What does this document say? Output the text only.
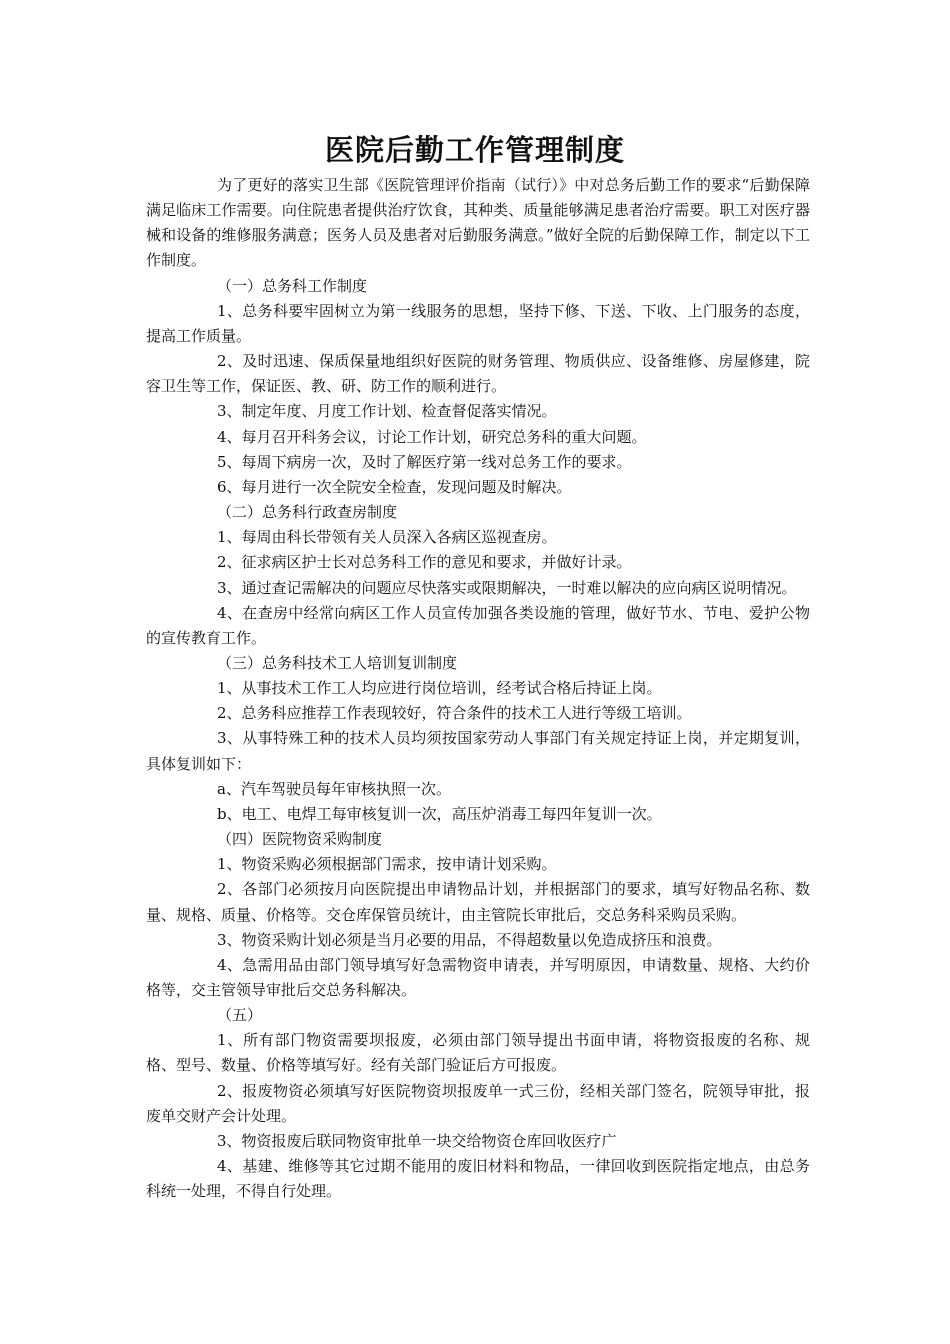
医院后勤工作管理制度

为了更好的落实卫生部《医院管理评价指南（试行）》中对总务后勤工作的要求“后勤保障满足临床工作需要。向住院患者提供治疗饮食，其种类、质量能够满足患者治疗需要。职工对医疗器械和设备的维修服务满意；医务人员及患者对后勤服务满意。”做好全院的后勤保障工作，制定以下工作制度。

（一）总务科工作制度

1、总务科要牢固树立为第一线服务的思想，坚持下修、下送、下收、上门服务的态度，提高工作质量。

2、及时迅速、保质保量地组织好医院的财务管理、物质供应、设备维修、房屋修建，院容卫生等工作，保证医、教、研、防工作的顺利进行。

3、制定年度、月度工作计划、检查督促落实情况。

4、每月召开科务会议，讨论工作计划，研究总务科的重大问题。

5、每周下病房一次，及时了解医疗第一线对总务工作的要求。

6、每月进行一次全院安全检查，发现问题及时解决。

（二）总务科行政查房制度

1、每周由科长带领有关人员深入各病区巡视查房。

2、征求病区护士长对总务科工作的意见和要求，并做好计录。

3、通过查记需解决的问题应尽快落实或限期解决，一时难以解决的应向病区说明情况。

4、在查房中经常向病区工作人员宣传加强各类设施的管理，做好节水、节电、爱护公物的宣传教育工作。

（三）总务科技术工人培训复训制度

1、从事技术工作工人均应进行岗位培训，经考试合格后持证上岗。

2、总务科应推荐工作表现较好，符合条件的技术工人进行等级工培训。

3、从事特殊工种的技术人员均须按国家劳动人事部门有关规定持证上岗，并定期复训，具体复训如下：

a、汽车驾驶员每年审核执照一次。

b、电工、电焊工每审核复训一次，高压炉消毒工每四年复训一次。

（四）医院物资采购制度

1、物资采购必须根据部门需求，按申请计划采购。

2、各部门必须按月向医院提出申请物品计划，并根据部门的要求，填写好物品名称、数量、规格、质量、价格等。交仓库保管员统计，由主管院长审批后，交总务科采购员采购。

3、物资采购计划必须是当月必要的用品，不得超数量以免造成挤压和浪费。

4、急需用品由部门领导填写好急需物资申请表，并写明原因，申请数量、规格、大约价格等，交主管领导审批后交总务科解决。

（五）

1、所有部门物资需要坝报废，必须由部门领导提出书面申请，将物资报废的名称、规格、型号、数量、价格等填写好。经有关部门验证后方可报废。

2、报废物资必须填写好医院物资坝报废单一式三份，经相关部门签名，院领导审批，报废单交财产会计处理。

3、物资报废后联同物资审批单一块交给物资仓库回收医疗广

4、基建、维修等其它过期不能用的废旧材料和物品，一律回收到医院指定地点，由总务科统一处理，不得自行处理。
